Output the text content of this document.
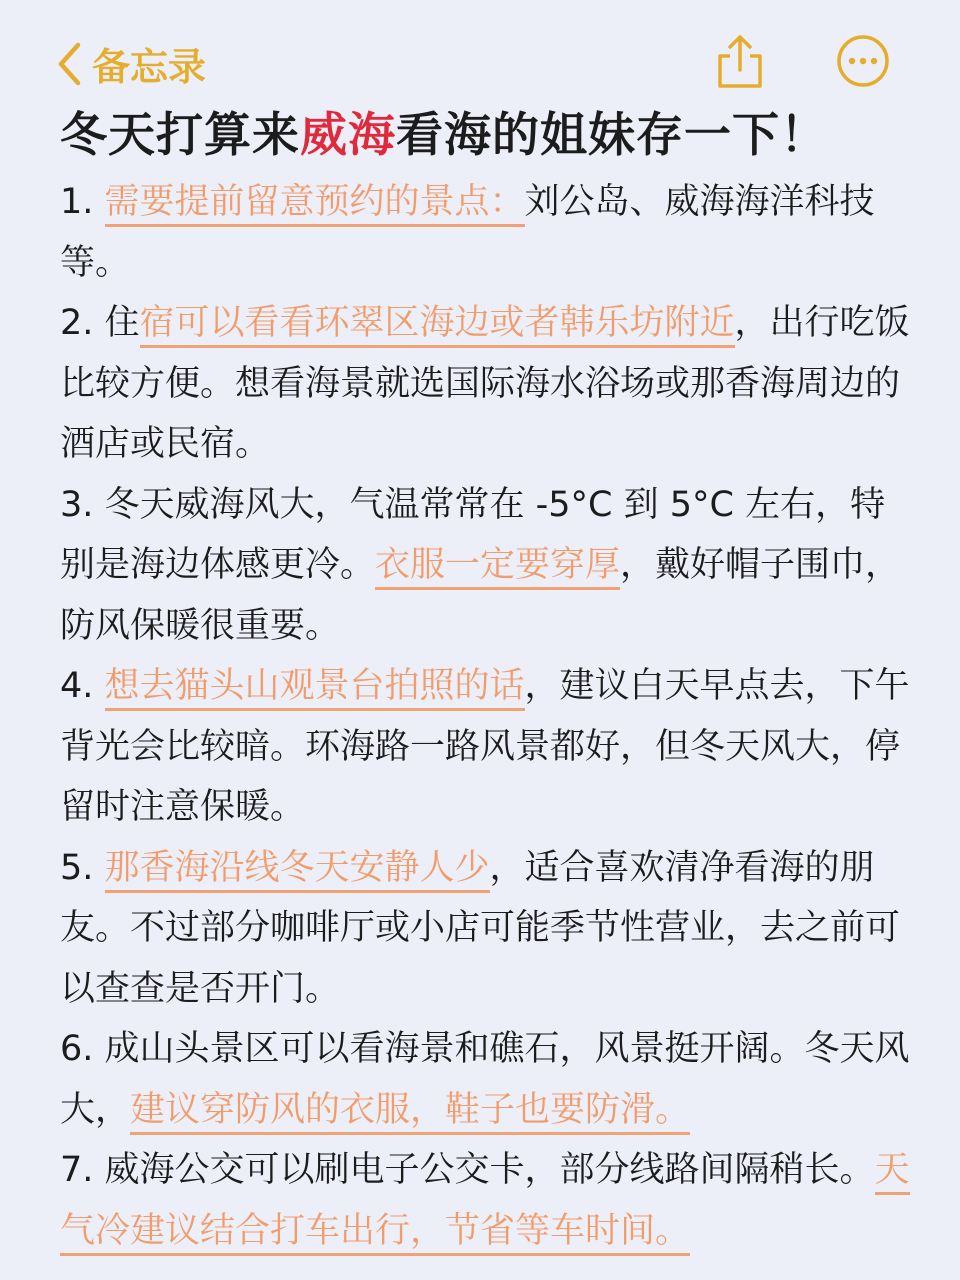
备忘录
冬天打算来威海看海的姐妹存一下！

1. 需要提前留意预约的景点：刘公岛、威海海洋科技等。

2. 住宿可以看看环翠区海边或者韩乐坊附近，出行吃饭比较方便。想看海景就选国际海水浴场或那香海周边的酒店或民宿。

3. 冬天威海风大，气温常常在 -5°C 到 5°C 左右，特别是海边体感更冷。衣服一定要穿厚，戴好帽子围巾，防风保暖很重要。

4. 想去猫头山观景台拍照的话，建议白天早点去，下午背光会比较暗。环海路一路风景都好，但冬天风大，停留时注意保暖。

5. 那香海沿线冬天安静人少，适合喜欢清净看海的朋友。不过部分咖啡厅或小店可能季节性营业，去之前可以查查是否开门。

6. 成山头景区可以看海景和礁石，风景挺开阔。冬天风大，建议穿防风的衣服，鞋子也要防滑。

7. 威海公交可以刷电子公交卡，部分线路间隔稍长。天气冷建议结合打车出行，节省等车时间。
